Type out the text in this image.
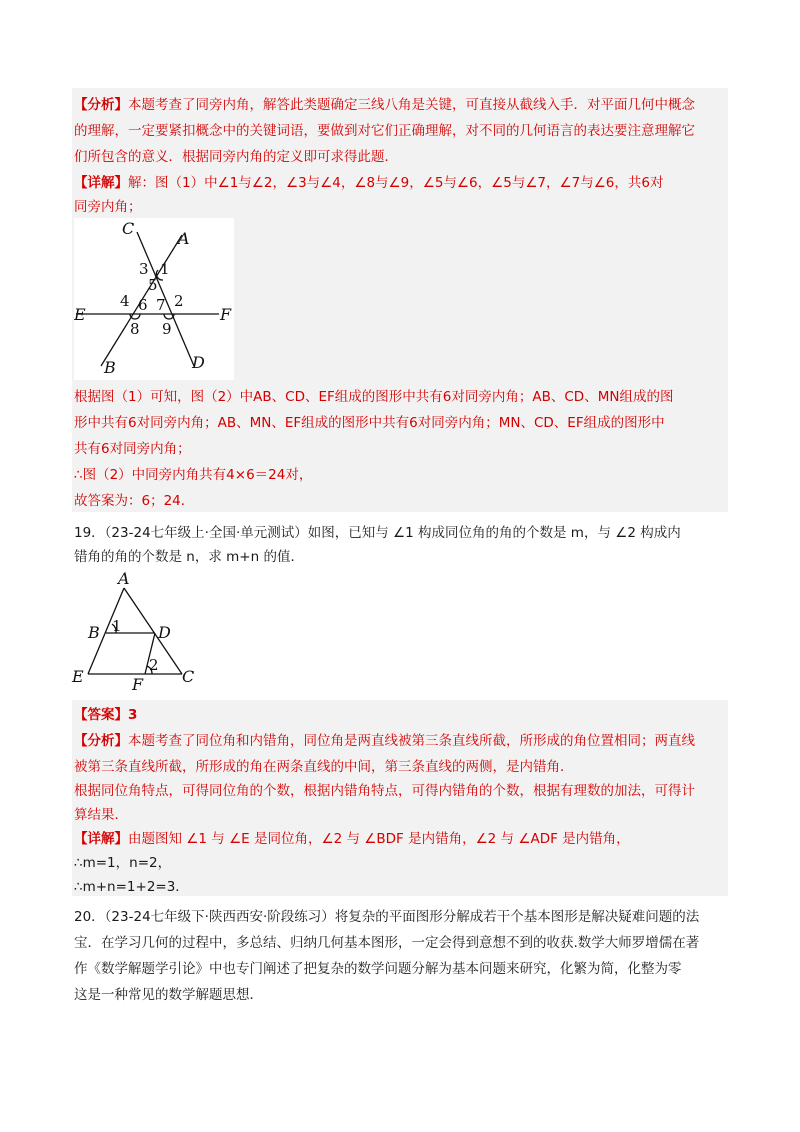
【分析】本题考查了同旁内角，解答此类题确定三线八角是关键，可直接从截线入手．对平面几何中概念
的理解，一定要紧扣概念中的关键词语，要做到对它们正确理解，对不同的几何语言的表达要注意理解它
们所包含的意义．根据同旁内角的定义即可求得此题．
【详解】解：图（1）中∠1与∠2，∠3与∠4，∠8与∠9，∠5与∠6，∠5与∠7，∠7与∠6，共6对
同旁内角；
C
A
E	F
B	D
3 1
5
4 6 7 2
8 9
根据图（1）可知，图（2）中AB、CD、EF组成的图形中共有6对同旁内角；AB、CD、MN组成的图
形中共有6对同旁内角；AB、MN、EF组成的图形中共有6对同旁内角；MN、CD、EF组成的图形中
共有6对同旁内角；
∴图（2）中同旁内角共有4×6＝24对，
故答案为：6；24．
19．（23-24七年级上·全国·单元测试）如图，已知与 ∠1 构成同位角的角的个数是 m，与 ∠2 构成内
错角的角的个数是 n，求 m+n 的值．
A
B	D
E	F C
1
2
【答案】3
【分析】本题考查了同位角和内错角，同位角是两直线被第三条直线所截，所形成的角位置相同；两直线
被第三条直线所截，所形成的角在两条直线的中间，第三条直线的两侧，是内错角．
根据同位角特点，可得同位角的个数，根据内错角特点，可得内错角的个数，根据有理数的加法，可得计
算结果．
【详解】由题图知 ∠1 与 ∠E 是同位角，∠2 与 ∠BDF 是内错角，∠2 与 ∠ADF 是内错角，
∴m=1，n=2，
∴m+n=1+2=3．
20．（23-24七年级下·陕西西安·阶段练习）将复杂的平面图形分解成若干个基本图形是解决疑难问题的法
宝．在学习几何的过程中，多总结、归纳几何基本图形，一定会得到意想不到的收获.数学大师罗增儒在著
作《数学解题学引论》中也专门阐述了把复杂的数学问题分解为基本问题来研究，化繁为简，化整为零
这是一种常见的数学解题思想．
